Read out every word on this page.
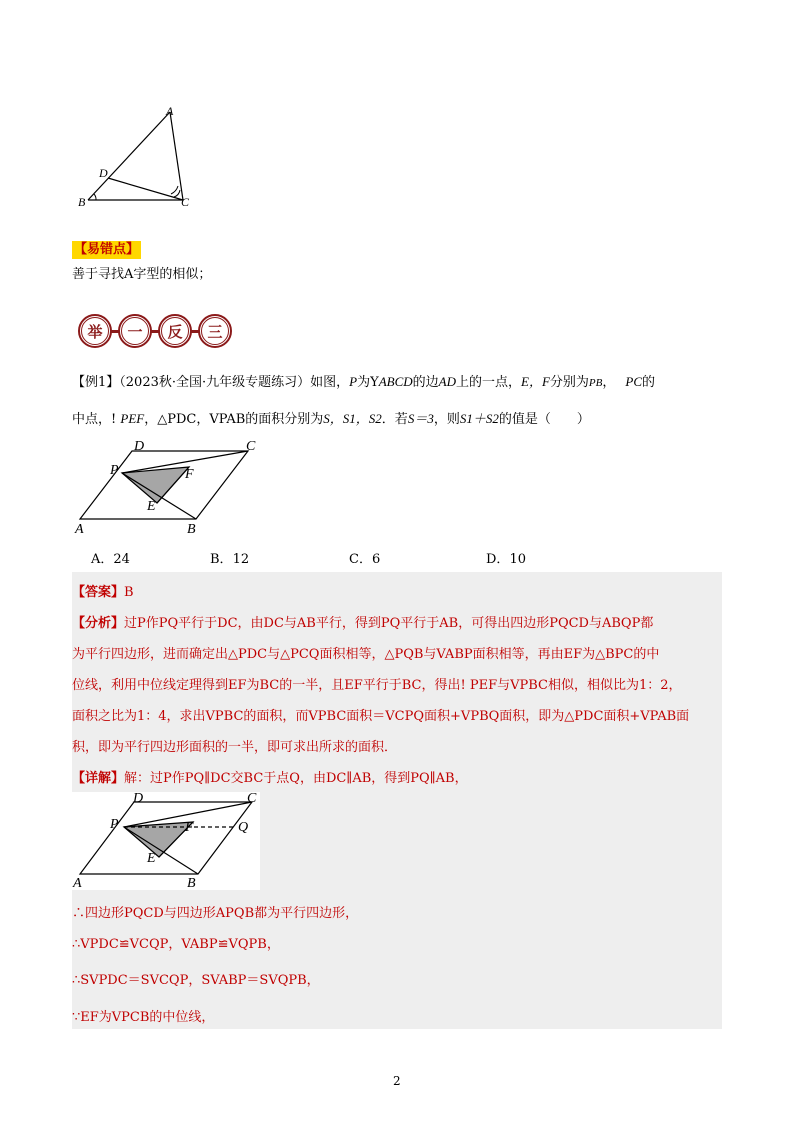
A
D
B	C
【易错点】
善于寻找A字型的相似；
举	一	反	三
【例1】（2023秋·全国·九年级专题练习）如图，P为YABCD的边AD上的一点，E，F分别为PB， PC的
中点，! PEF，△PDC，VPAB的面积分别为S，S1，S2．若S＝3，则S1＋S2的值是（　　）
D	C
P	F
E
A	B
A．24	B．12	C．6	D．10
【答案】B
【分析】过P作PQ平行于DC，由DC与AB平行，得到PQ平行于AB，可得出四边形PQCD与ABQP都
为平行四边形，进而确定出△PDC与△PCQ面积相等，△PQB与VABP面积相等，再由EF为△BPC的中
位线，利用中位线定理得到EF为BC的一半，且EF平行于BC，得出! PEF与VPBC相似，相似比为1：2，
面积之比为1：4，求出VPBC的面积，而VPBC面积＝VCPQ面积+VPBQ面积，即为△PDC面积+VPAB面
积，即为平行四边形面积的一半，即可求出所求的面积．
【详解】解：过P作PQ∥DC交BC于点Q，由DC∥AB，得到PQ∥AB，
D	C
P	F	Q
E
A	B
∴四边形PQCD与四边形APQB都为平行四边形，
∴VPDC≌VCQP，VABP≌VQPB，
∴SVPDC＝SVCQP，SVABP＝SVQPB，
∵EF为VPCB的中位线，
2
